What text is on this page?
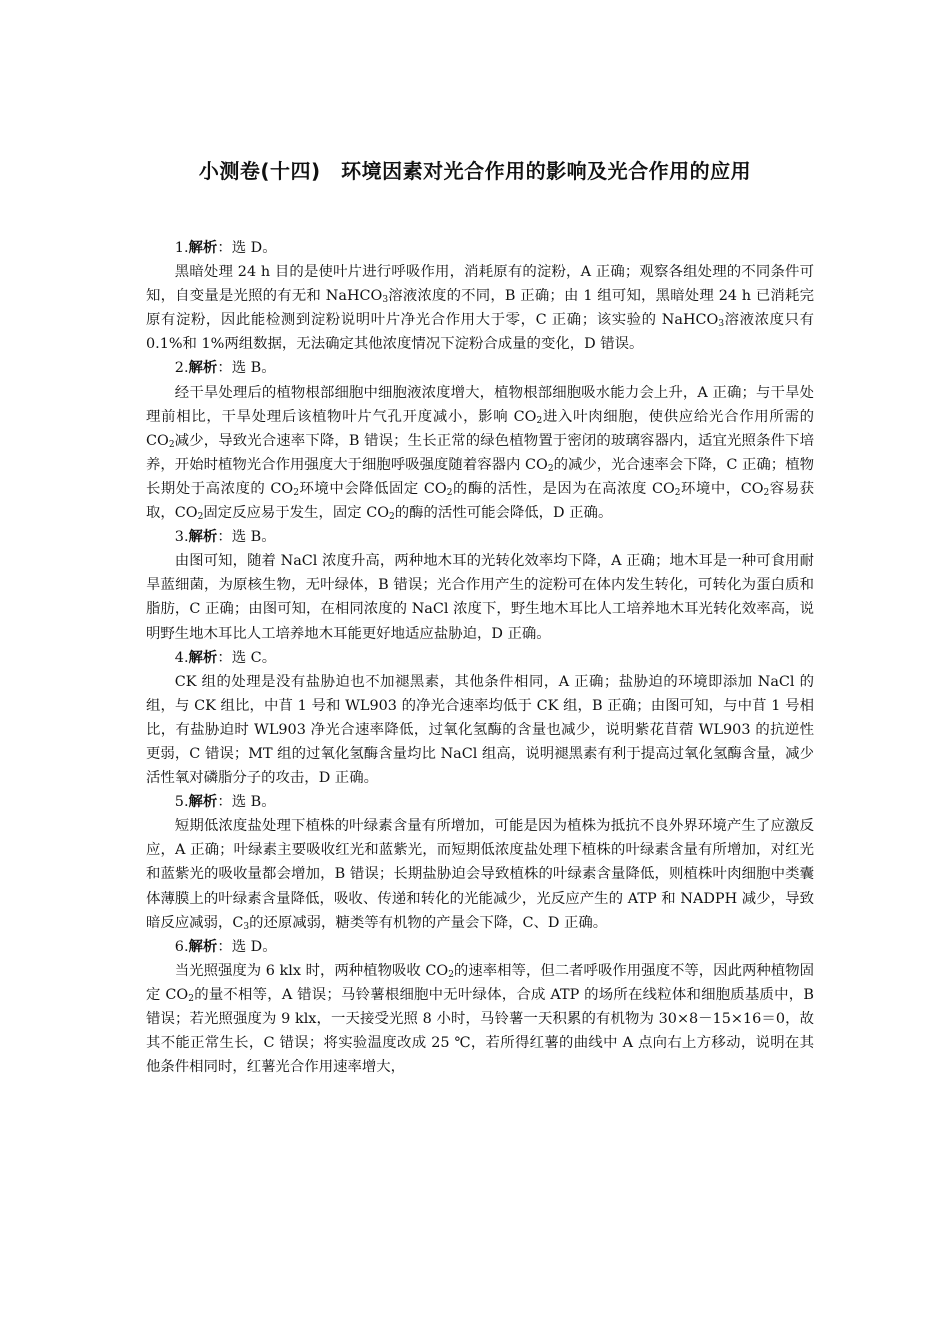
小测卷(十四)　环境因素对光合作用的影响及光合作用的应用

1.解析：选 D。

黑暗处理 24 h 目的是使叶片进行呼吸作用，消耗原有的淀粉，A 正确；观察各组处理的不同条件可知，自变量是光照的有无和 NaHCO$_3$溶液浓度的不同，B 正确；由 1 组可知，黑暗处理 24 h 已消耗完原有淀粉，因此能检测到淀粉说明叶片净光合作用大于零，C 正确；该实验的 NaHCO$_3$溶液浓度只有 0.1%和 1%两组数据，无法确定其他浓度情况下淀粉合成量的变化，D 错误。

2.解析：选 B。

经干旱处理后的植物根部细胞中细胞液浓度增大，植物根部细胞吸水能力会上升，A 正确；与干旱处理前相比，干旱处理后该植物叶片气孔开度减小，影响 $CO_2$进入叶肉细胞，使供应给光合作用所需的 $CO_2$减少，导致光合速率下降，B 错误；生长正常的绿色植物置于密闭的玻璃容器内，适宜光照条件下培养，开始时植物光合作用强度大于细胞呼吸强度随着容器内 $CO_2$的减少，光合速率会下降，C 正确；植物长期处于高浓度的 $CO_2$环境中会降低固定 $CO_2$的酶的活性，是因为在高浓度 $CO_2$环境中，$CO_2$容易获取，$CO_2$固定反应易于发生，固定 $CO_2$的酶的活性可能会降低，D 正确。

3.解析：选 B。

由图可知，随着 NaCl 浓度升高，两种地木耳的光转化效率均下降，A 正确；地木耳是一种可食用耐旱蓝细菌，为原核生物，无叶绿体，B 错误；光合作用产生的淀粉可在体内发生转化，可转化为蛋白质和脂肪，C 正确；由图可知，在相同浓度的 NaCl 浓度下，野生地木耳比人工培养地木耳光转化效率高，说明野生地木耳比人工培养地木耳能更好地适应盐胁迫，D 正确。

4.解析：选 C。

CK 组的处理是没有盐胁迫也不加褪黑素，其他条件相同，A 正确；盐胁迫的环境即添加 NaCl 的组，与 CK 组比，中苜 1 号和 WL903 的净光合速率均低于 CK 组，B 正确；由图可知，与中苜 1 号相比，有盐胁迫时 WL903 净光合速率降低，过氧化氢酶的含量也减少，说明紫花苜蓿 WL903 的抗逆性更弱，C 错误；MT 组的过氧化氢酶含量均比 NaCl 组高，说明褪黑素有利于提高过氧化氢酶含量，减少活性氧对磷脂分子的攻击，D 正确。

5.解析：选 B。

短期低浓度盐处理下植株的叶绿素含量有所增加，可能是因为植株为抵抗不良外界环境产生了应激反应，A 正确；叶绿素主要吸收红光和蓝紫光，而短期低浓度盐处理下植株的叶绿素含量有所增加，对红光和蓝紫光的吸收量都会增加，B 错误；长期盐胁迫会导致植株的叶绿素含量降低，则植株叶肉细胞中类囊体薄膜上的叶绿素含量降低，吸收、传递和转化的光能减少，光反应产生的 ATP 和 NADPH 减少，导致暗反应减弱，$C_3$的还原减弱，糖类等有机物的产量会下降，C、D 正确。

6.解析：选 D。

当光照强度为 6 klx 时，两种植物吸收 $CO_2$的速率相等，但二者呼吸作用强度不等，因此两种植物固定 $CO_2$的量不相等，A 错误；马铃薯根细胞中无叶绿体，合成 ATP 的场所在线粒体和细胞质基质中，B 错误；若光照强度为 9 klx，一天接受光照 8 小时，马铃薯一天积累的有机物为 30×8－15×16＝0，故其不能正常生长，C 错误；将实验温度改成 25 ℃，若所得红薯的曲线中 A 点向右上方移动，说明在其他条件相同时，红薯光合作用速率增大，
